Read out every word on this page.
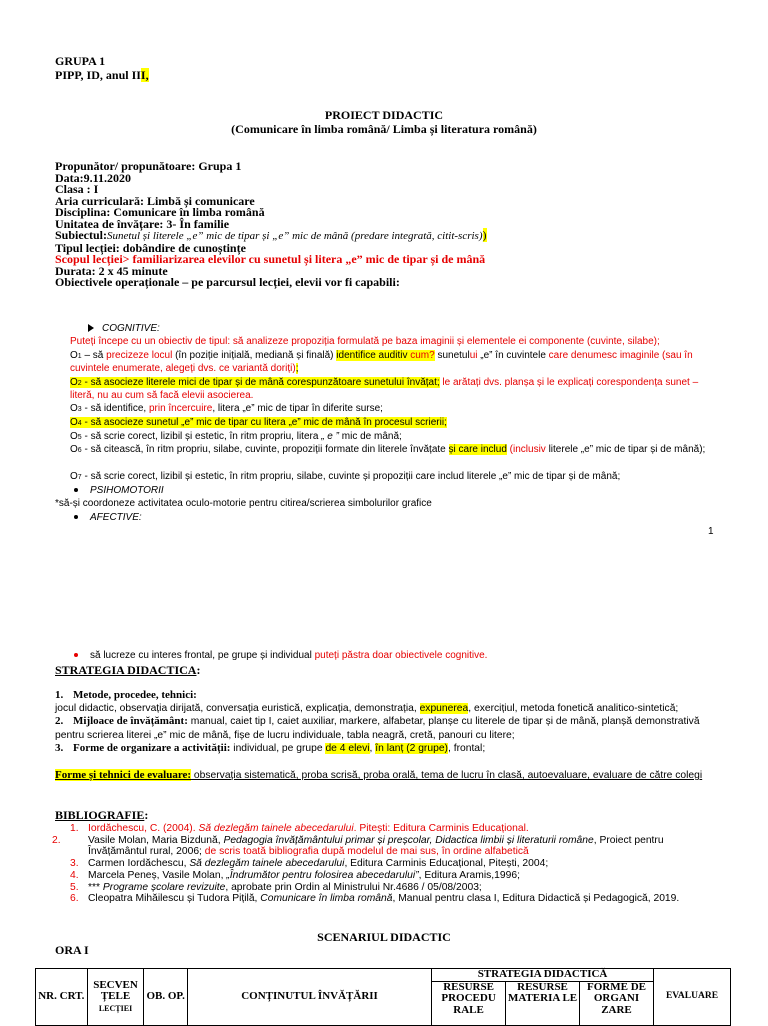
GRUPA 1
PIPP, ID, anul III,
PROIECT DIDACTIC
(Comunicare în limba română/ Limba și literatura română)
Propunător/ propunătoare: Grupa 1
Data:9.11.2020
Clasa : I
Aria curriculară: Limbă și comunicare
Disciplina: Comunicare în limba română
Unitatea de învățare: 3- În familie
Subiectul:Sunetul și literele „e” mic de tipar și „e” mic de mână (predare integrată, citit-scris))
Tipul lecției: dobândire de cunoștințe
Scopul lecției> familiarizarea elevilor cu sunetul și litera „e” mic de tipar și de mână
Durata: 2 x 45 minute
Obiectivele operaționale – pe parcursul lecției, elevii vor fi capabili:
COGNITIVE:
Puteți începe cu un obiectiv de tipul: să analizeze propoziția formulată pe baza imaginii și elementele ei componente (cuvinte, silabe);
O1 – să precizeze locul (în poziție inițială, mediană și finală) identifice auditiv cum? sunetului „e” în cuvintele care denumesc imaginile (sau în cuvintele enumerate, alegeți dvs. ce variantă doriți);
O2 - să asocieze literele mici de tipar și de mână corespunzătoare sunetului învățat; le arătați dvs. planșa și le explicați corespondența sunet – literă, nu au cum să facă elevii asocierea.
O3 - să identifice, prin încercuire, litera „e” mic de tipar în diferite surse;
O4 - să asocieze sunetul „e” mic de tipar cu litera „e” mic de mână în procesul scrierii;
O5 - să scrie corect, lizibil și estetic, în ritm propriu, litera „ e ” mic de mână;
O6 - să citească, în ritm propriu, silabe, cuvinte, propoziții formate din literele învățate și care includ (inclusiv literele „e” mic de tipar și de mână);
O7 - să scrie corect, lizibil și estetic, în ritm propriu, silabe, cuvinte și propoziții care includ literele „e” mic de tipar și de mână;
PSIHOMOTORII
*să-și coordoneze activitatea oculo-motorie pentru citirea/scrierea simbolurilor grafice
AFECTIVE:
1
să lucreze cu interes frontal, pe grupe și individual puteți păstra doar obiectivele cognitive.
STRATEGIA DIDACTICA:
1. Metode, procedee, tehnici:
jocul didactic, observația dirijată, conversația euristică, explicația, demonstrația, expunerea, exercițiul, metoda fonetică analitico-sintetică;
2. Mijloace de învățământ: manual, caiet tip I, caiet auxiliar, markere, alfabetar, planșe cu literele de tipar și de mână, planșă demonstrativă pentru scrierea literei „e” mic de mână, fișe de lucru individuale, tabla neagră, cretă, panouri cu litere;
3. Forme de organizare a activității: individual, pe grupe de 4 elevi, în lanț (2 grupe), frontal;
Forme și tehnici de evaluare: observația sistematică, proba scrisă, proba orală, tema de lucru în clasă, autoevaluare, evaluare de către colegi
BIBLIOGRAFIE:
1. Iordăchescu, C. (2004). Să dezlegăm tainele abecedarului. Pitești: Editura Carminis Educațional.
2.	Vasile Molan, Maria Bizdună, Pedagogia învățământului primar și preșcolar, Didactica limbii și literaturii române, Proiect pentru Învățământul rural, 2006; de scris toată bibliografia după modelul de mai sus, în ordine alfabetică
3. Carmen Iordăchescu, Să dezlegăm tainele abecedarului, Editura Carminis Educațional, Pitești, 2004;
4. Marcela Peneș, Vasile Molan, „Îndrumător pentru folosirea abecedarului”, Editura Aramis,1996;
5. *** Programe școlare revizuite, aprobate prin Ordin al Ministrului Nr.4686 / 05/08/2003;
6. Cleopatra Mihăilescu și Tudora Pițilă, Comunicare în limba română, Manual pentru clasa I, Editura Didactică și Pedagogică, 2019.
SCENARIUL DIDACTIC
ORA I
NR. CRT.	SECVEN ȚELE
LECȚIEI	OB. OP.	CONȚINUTUL ÎNVĂȚĂRII	STRATEGIA DIDACTICĂ			EVALUARE
				RESURSE PROCEDU RALE	RESURSE MATERIA LE	FORME DE ORGANI ZARE	
